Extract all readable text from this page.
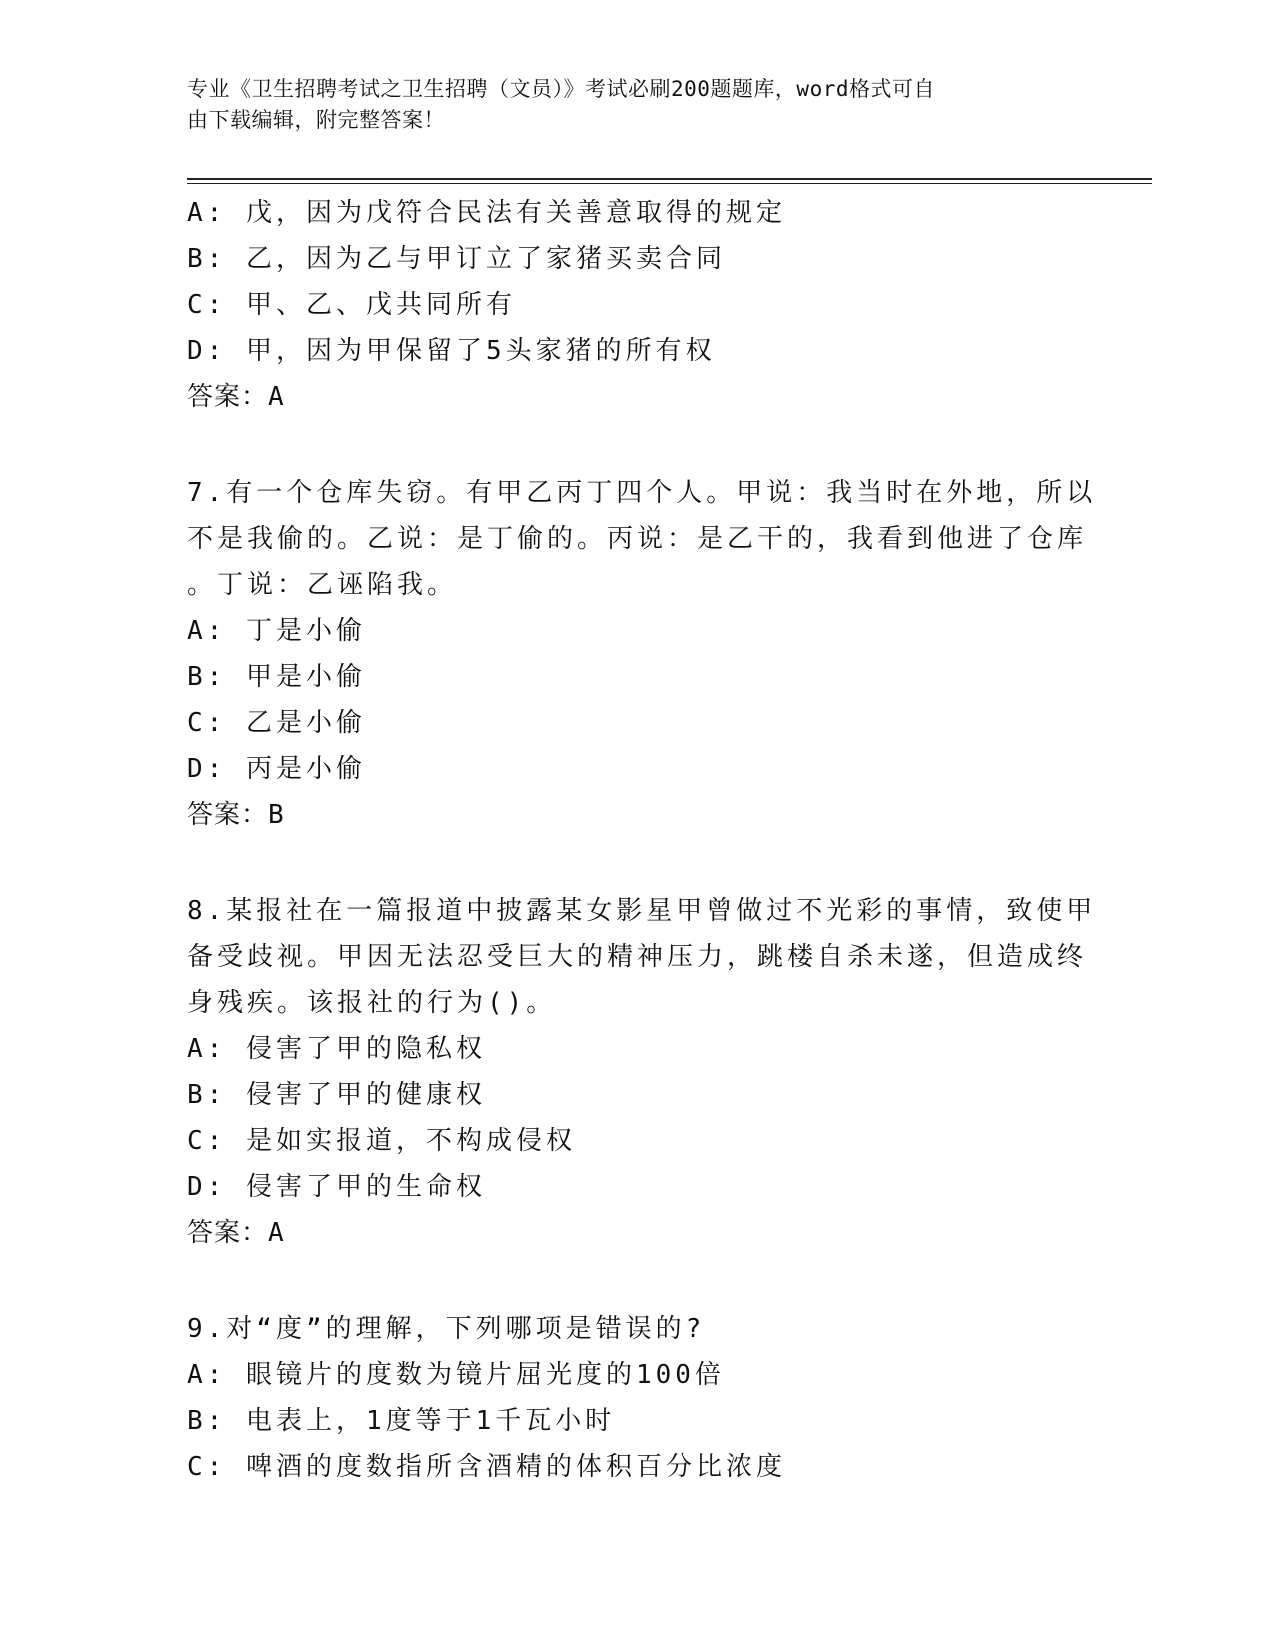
专业《卫生招聘考试之卫生招聘（文员）》考试必刷200题题库，word格式可自
由下载编辑，附完整答案！
A: 戊，因为戊符合民法有关善意取得的规定
B: 乙，因为乙与甲订立了家猪买卖合同
C: 甲、乙、戊共同所有
D: 甲，因为甲保留了5头家猪的所有权
答案：A
7.有一个仓库失窃。有甲乙丙丁四个人。甲说：我当时在外地，所以
不是我偷的。乙说：是丁偷的。丙说：是乙干的，我看到他进了仓库
。丁说：乙诬陷我。
A: 丁是小偷
B: 甲是小偷
C: 乙是小偷
D: 丙是小偷
答案：B
8.某报社在一篇报道中披露某女影星甲曾做过不光彩的事情，致使甲
备受歧视。甲因无法忍受巨大的精神压力，跳楼自杀未遂，但造成终
身残疾。该报社的行为()。
A: 侵害了甲的隐私权
B: 侵害了甲的健康权
C: 是如实报道，不构成侵权
D: 侵害了甲的生命权
答案：A
9.对“度”的理解，下列哪项是错误的?
A: 眼镜片的度数为镜片屈光度的100倍
B: 电表上，1度等于1千瓦小时
C: 啤酒的度数指所含酒精的体积百分比浓度
